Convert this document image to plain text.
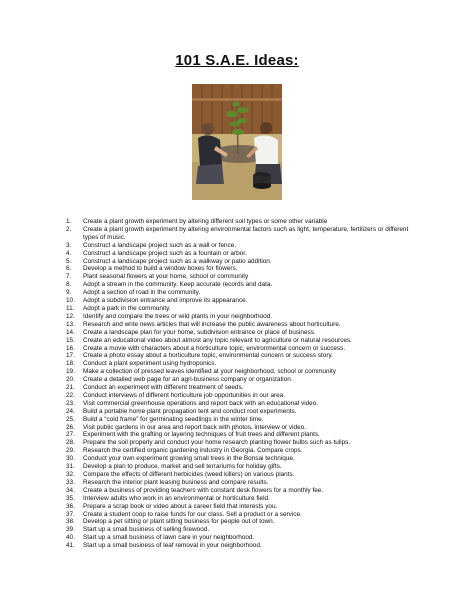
101 S.A.E. Ideas:
1.	Create a plant growth experiment by altering different soil types or some other variable
2.	Create a plant growth experiment by altering environmental factors such as light, temperature, fertilizers or different types of music.
3.	Construct a landscape project such as a wall or fence.
4.	Construct a landscape project such as a fountain or arbor.
5.	Construct a landscape project such as a walkway or patio addition.
6.	Develop a method to build a window boxes for flowers.
7.	Plant seasonal flowers at your home, school or community
8.	Adopt a stream in the community. Keep accurate records and data.
9.	Adopt a section of road in the community.
10.	Adopt a subdivision entrance and improve its appearance.
11.	Adopt a park in the community.
12.	Identify and compare the trees or wild plants in your neighborhood.
13.	Research and write news articles that will increase the public awareness about horticulture.
14.	Create a landscape plan for your home, subdivision entrance or place of business.
15.	Create an educational video about almost any topic relevant to agriculture or natural resources.
16.	Create a movie with characters about a horticulture topic, environmental concern or success.
17.	Create a photo essay about a horticulture topic, environmental concern or success story.
18.	Conduct a plant experiment using hydroponics.
19.	Make a collection of pressed leaves identified at your neighborhood, school or community
20.	Create a detailed web page for an agri-business company or organization.
21.	Conduct an experiment with different treatment of seeds.
22.	Conduct interviews of different horticulture job opportunities in our area.
23.	Visit commercial greenhouse operations and report back with an educational video.
24.	Build a portable home plant propagation tent and conduct root experiments.
25.	Build a “cold frame” for germinating seedlings in the winter time.
26.	Visit public gardens in our area and report back with photos, interview or video.
27.	Experiment with the grafting or layering techniques of fruit trees and different plants.
28.	Prepare the soil properly and conduct your home research planting flower bulbs such as tulips.
29.	Research the certified organic gardening industry in Georgia. Compare crops.
30.	Conduct your own experiment growing small trees in the Bonsai technique.
31.	Develop a plan to produce, market and sell terrariums for holiday gifts.
32.	Compare the effects of different herbicides (weed killers) on various plants.
33.	Research the interior plant leasing business and compare results.
34.	Create a business of providing teachers with constant desk flowers for a monthly fee.
35.	Interview adults who work in an environmental or horticulture field.
36.	Prepare a scrap book or video about a career field that interests you.
37.	Create a student coop to raise funds for our class. Sell a product or a service.
38.	Develop a pet sitting or plant sitting business for people out of town.
39.	Start up a small business of selling firewood.
40.	Start up a small business of lawn care in your neighborhood.
41.	Start up a small business of leaf removal in your neighborhood.
